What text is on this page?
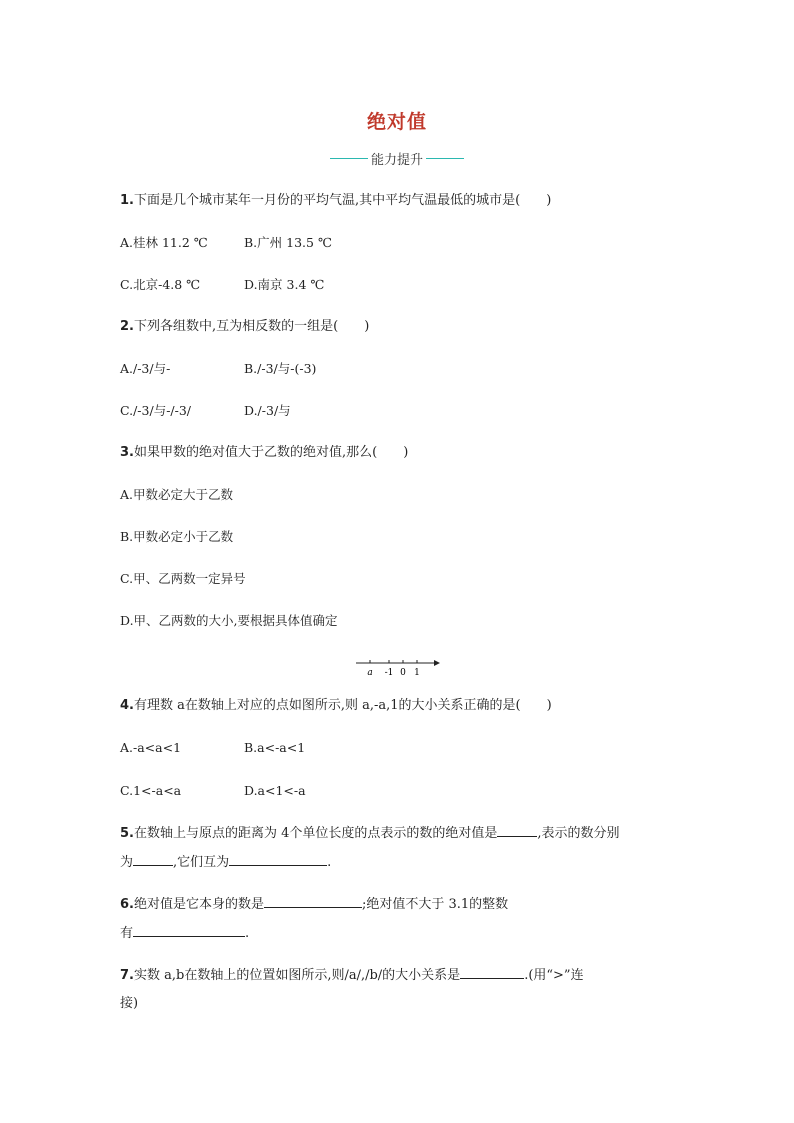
绝对值
能力提升
1.下面是几个城市某年一月份的平均气温,其中平均气温最低的城市是(　　)
A.桂林 11.2 ℃	B.广州 13.5 ℃
C.北京-4.8 ℃	D.南京 3.4 ℃
2.下列各组数中,互为相反数的一组是(　　)
A./-3/与-	B./-3/与-(-3)
C./-3/与-/-3/	D./-3/与
3.如果甲数的绝对值大于乙数的绝对值,那么(　　)
A.甲数必定大于乙数
B.甲数必定小于乙数
C.甲、乙两数一定异号
D.甲、乙两数的大小,要根据具体值确定
a -1 0 1
4.有理数 a在数轴上对应的点如图所示,则 a,-a,1的大小关系正确的是(　　)
A.-a<a<1	B.a<-a<1
C.1<-a<a	D.a<1<-a
5.在数轴上与原点的距离为 4个单位长度的点表示的数的绝对值是	,表示的数分别
为	,它们互为	.
6.绝对值是它本身的数是	;绝对值不大于 3.1的整数
有	.
7.实数 a,b在数轴上的位置如图所示,则/a/,/b/的大小关系是	.(用“>”连
接)
